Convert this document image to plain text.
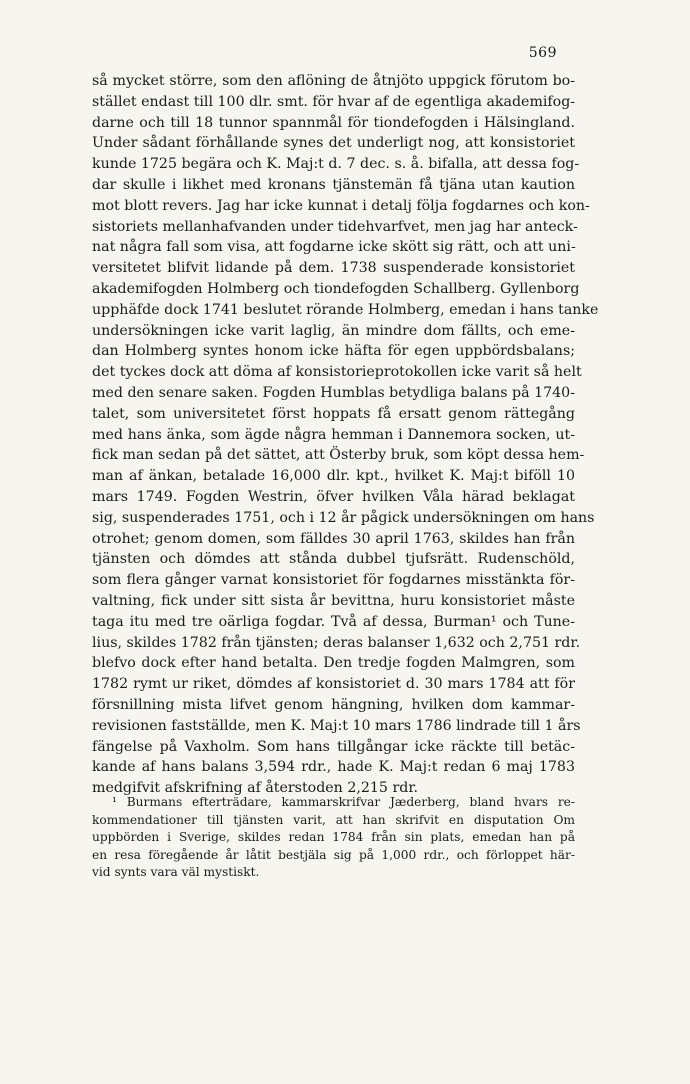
569
så mycket större, som den aflöning de åtnjöto uppgick förutom bo-
stället endast till 100 dlr. smt. för hvar af de egentliga akademifog-
darne och till 18 tunnor spannmål för tiondefogden i Hälsingland.
Under sådant förhållande synes det underligt nog, att konsistoriet
kunde 1725 begära och K. Maj:t d. 7 dec. s. å. bifalla, att dessa fog-
dar skulle i likhet med kronans tjänstemän få tjäna utan kaution
mot blott revers. Jag har icke kunnat i detalj följa fogdarnes och kon-
sistoriets mellanhafvanden under tidehvarfvet, men jag har anteck-
nat några fall som visa, att fogdarne icke skött sig rätt, och att uni-
versitetet blifvit lidande på dem. 1738 suspenderade konsistoriet
akademifogden Holmberg och tiondefogden Schallberg. Gyllenborg
upphäfde dock 1741 beslutet rörande Holmberg, emedan i hans tanke
undersökningen icke varit laglig, än mindre dom fällts, och eme-
dan Holmberg syntes honom icke häfta för egen uppbördsbalans;
det tyckes dock att döma af konsistorieprotokollen icke varit så helt
med den senare saken. Fogden Humblas betydliga balans på 1740-
talet, som universitetet först hoppats få ersatt genom rättegång
med hans änka, som ägde några hemman i Dannemora socken, ut-
fick man sedan på det sättet, att Österby bruk, som köpt dessa hem-
man af änkan, betalade 16,000 dlr. kpt., hvilket K. Maj:t biföll 10
mars 1749. Fogden Westrin, öfver hvilken Våla härad beklagat
sig, suspenderades 1751, och i 12 år pågick undersökningen om hans
otrohet; genom domen, som fälldes 30 april 1763, skildes han från
tjänsten och dömdes att stånda dubbel tjufsrätt. Rudenschöld,
som flera gånger varnat konsistoriet för fogdarnes misstänkta för-
valtning, fick under sitt sista år bevittna, huru konsistoriet måste
taga itu med tre oärliga fogdar. Två af dessa, Burman¹ och Tune-
lius, skildes 1782 från tjänsten; deras balanser 1,632 och 2,751 rdr.
blefvo dock efter hand betalta. Den tredje fogden Malmgren, som
1782 rymt ur riket, dömdes af konsistoriet d. 30 mars 1784 att för
försnillning mista lifvet genom hängning, hvilken dom kammar-
revisionen fastställde, men K. Maj:t 10 mars 1786 lindrade till 1 års
fängelse på Vaxholm. Som hans tillgångar icke räckte till betäc-
kande af hans balans 3,594 rdr., hade K. Maj:t redan 6 maj 1783
medgifvit afskrifning af återstoden 2,215 rdr.
¹ Burmans efterträdare, kammarskrifvar Jæderberg, bland hvars re-
kommendationer till tjänsten varit, att han skrifvit en disputation Om
uppbörden i Sverige, skildes redan 1784 från sin plats, emedan han på
en resa föregående år låtit bestjäla sig på 1,000 rdr., och förloppet här-
vid synts vara väl mystiskt.
